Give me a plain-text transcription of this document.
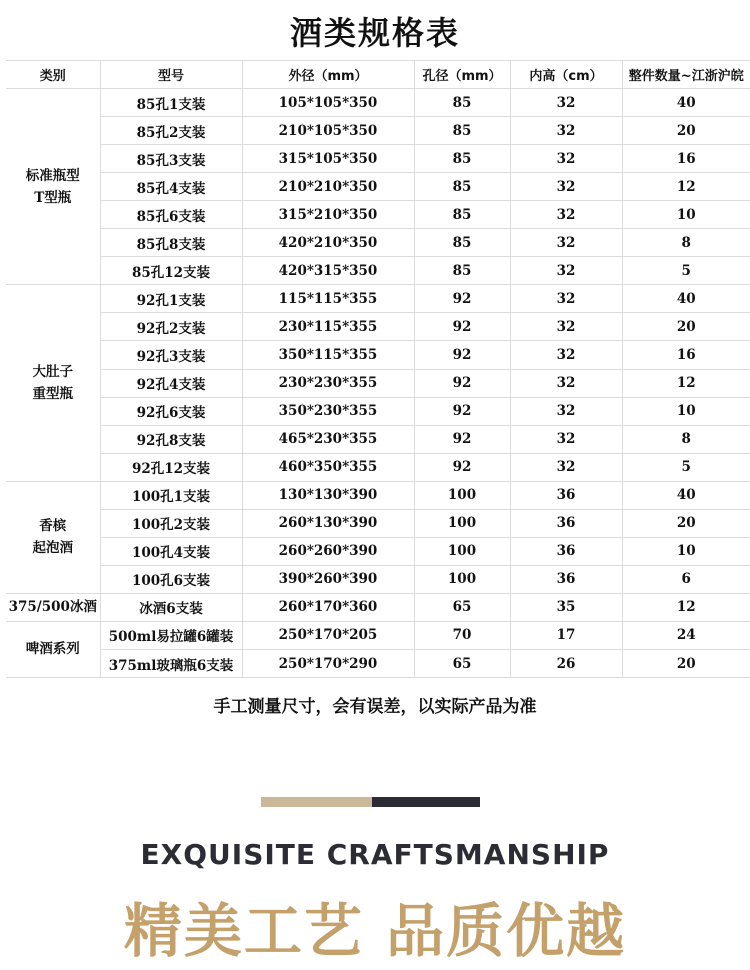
酒类规格表
类别	型号	外径（mm）	孔径（mm）	内高（cm）	整件数量~江浙沪皖

标准瓶型
T型瓶	85孔1支装	105*105*350	85	32	40
	85孔2支装	210*105*350	85	32	20
	85孔3支装	315*105*350	85	32	16
	85孔4支装	210*210*350	85	32	12
	85孔6支装	315*210*350	85	32	10
	85孔8支装	420*210*350	85	32	8
	85孔12支装	420*315*350	85	32	5

大肚子
重型瓶	92孔1支装	115*115*355	92	32	40
	92孔2支装	230*115*355	92	32	20
	92孔3支装	350*115*355	92	32	16
	92孔4支装	230*230*355	92	32	12
	92孔6支装	350*230*355	92	32	10
	92孔8支装	465*230*355	92	32	8
	92孔12支装	460*350*355	92	32	5

香槟
起泡酒	100孔1支装	130*130*390	100	36	40
	100孔2支装	260*130*390	100	36	20
	100孔4支装	260*260*390	100	36	10
	100孔6支装	390*260*390	100	36	6

375/500冰酒	冰酒6支装	260*170*360	65	35	12

啤酒系列	500ml易拉罐6罐装	250*170*205	70	17	24
	375ml玻璃瓶6支装	250*170*290	65	26	20
手工测量尺寸，会有误差，以实际产品为准
EXQUISITE CRAFTSMANSHIP
精美工艺 品质优越
